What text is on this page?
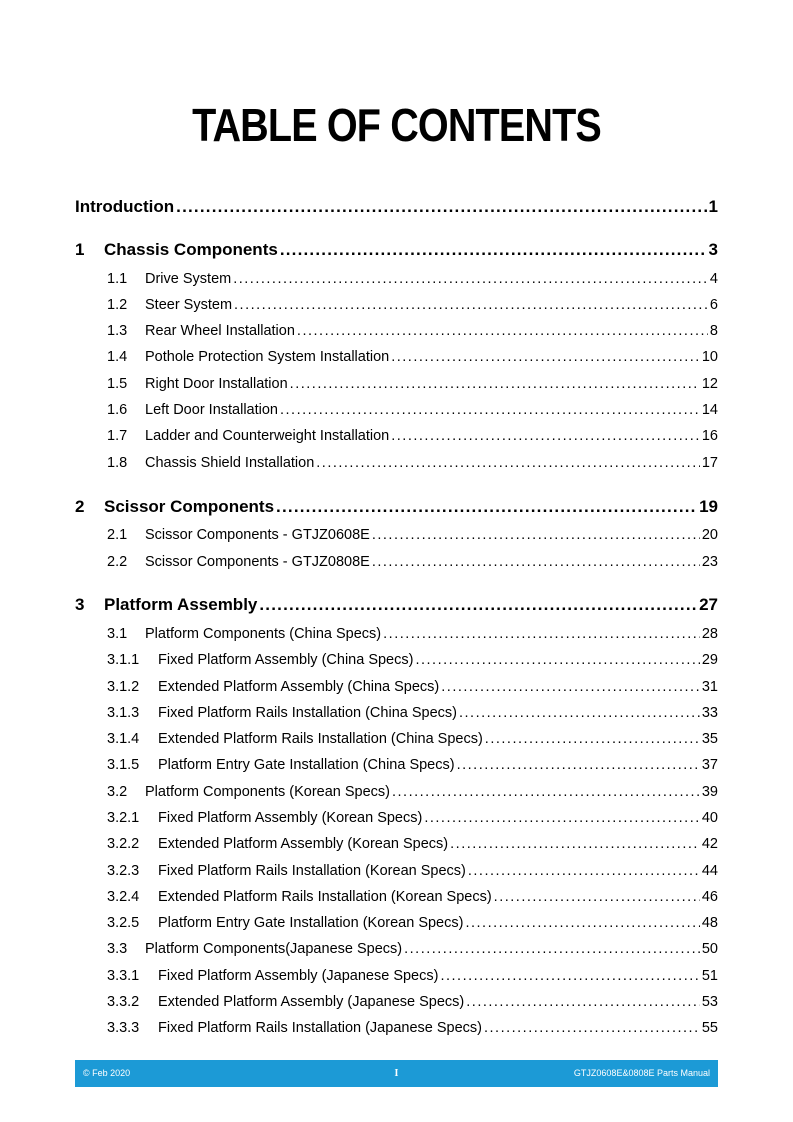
TABLE OF CONTENTS
Introduction .....	1
1	Chassis Components .....	3
1.1	Drive System .....	4
1.2	Steer System .....	6
1.3	Rear Wheel Installation .....	8
1.4	Pothole Protection System Installation .....	10
1.5	Right Door Installation .....	12
1.6	Left Door Installation .....	14
1.7	Ladder and Counterweight Installation .....	16
1.8	Chassis Shield Installation .....	17
2	Scissor Components .....	19
2.1	Scissor Components - GTJZ0608E .....	20
2.2	Scissor Components - GTJZ0808E .....	23
3	Platform Assembly .....	27
3.1	Platform Components (China Specs) .....	28
3.1.1	Fixed Platform Assembly (China Specs) .....	29
3.1.2	Extended Platform Assembly (China Specs) .....	31
3.1.3	Fixed Platform Rails Installation (China Specs) .....	33
3.1.4	Extended Platform Rails Installation (China Specs) .....	35
3.1.5	Platform Entry Gate Installation (China Specs) .....	37
3.2	Platform Components (Korean Specs) .....	39
3.2.1	Fixed Platform Assembly (Korean Specs) .....	40
3.2.2	Extended Platform Assembly (Korean Specs) .....	42
3.2.3	Fixed Platform Rails Installation (Korean Specs) .....	44
3.2.4	Extended Platform Rails Installation (Korean Specs) .....	46
3.2.5	Platform Entry Gate Installation (Korean Specs) .....	48
3.3	Platform Components(Japanese Specs) .....	50
3.3.1	Fixed Platform Assembly (Japanese Specs) .....	51
3.3.2	Extended Platform Assembly (Japanese Specs) .....	53
3.3.3	Fixed Platform Rails Installation (Japanese Specs) .....	55
© Feb 2020	I	GTJZ0608E&0808E Parts Manual
